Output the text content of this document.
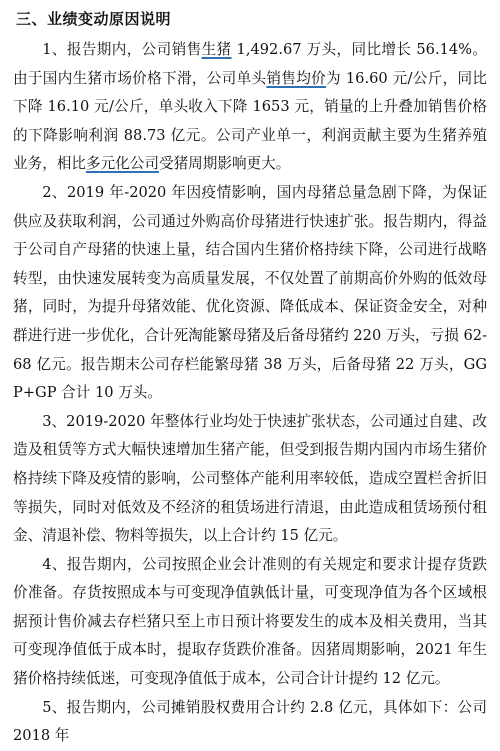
三、业绩变动原因说明

1、报告期内，公司销售生猪 1,492.67 万头，同比增长 56.14%。由于国内生猪市场价格下滑，公司单头销售均价为 16.60 元/公斤，同比下降 16.10 元/公斤，单头收入下降 1653 元，销量的上升叠加销售价格的下降影响利润 88.73 亿元。公司产业单一，利润贡献主要为生猪养殖业务，相比多元化公司受猪周期影响更大。

2、2019 年-2020 年因疫情影响，国内母猪总量急剧下降，为保证供应及获取利润，公司通过外购高价母猪进行快速扩张。报告期内，得益于公司自产母猪的快速上量，结合国内生猪价格持续下降，公司进行战略转型，由快速发展转变为高质量发展，不仅处置了前期高价外购的低效母猪，同时，为提升母猪效能、优化资源、降低成本、保证资金安全，对种群进行进一步优化，合计死淘能繁母猪及后备母猪约 220 万头，亏损 62-68 亿元。报告期末公司存栏能繁母猪 38 万头，后备母猪 22 万头，GGP+GP 合计 10 万头。

3、2019-2020 年整体行业均处于快速扩张状态，公司通过自建、改造及租赁等方式大幅快速增加生猪产能，但受到报告期内国内市场生猪价格持续下降及疫情的影响，公司整体产能利用率较低，造成空置栏舍折旧等损失，同时对低效及不经济的租赁场进行清退，由此造成租赁场预付租金、清退补偿、物料等损失，以上合计约 15 亿元。

4、报告期内，公司按照企业会计准则的有关规定和要求计提存货跌价准备。存货按照成本与可变现净值孰低计量，可变现净值为各个区域根据预计售价减去存栏猪只至上市日预计将要发生的成本及相关费用，当其可变现净值低于成本时，提取存货跌价准备。因猪周期影响，2021 年生猪价格持续低迷，可变现净值低于成本，公司合计计提约 12 亿元。

5、报告期内，公司摊销股权费用合计约 2.8 亿元，具体如下：公司 2018 年
